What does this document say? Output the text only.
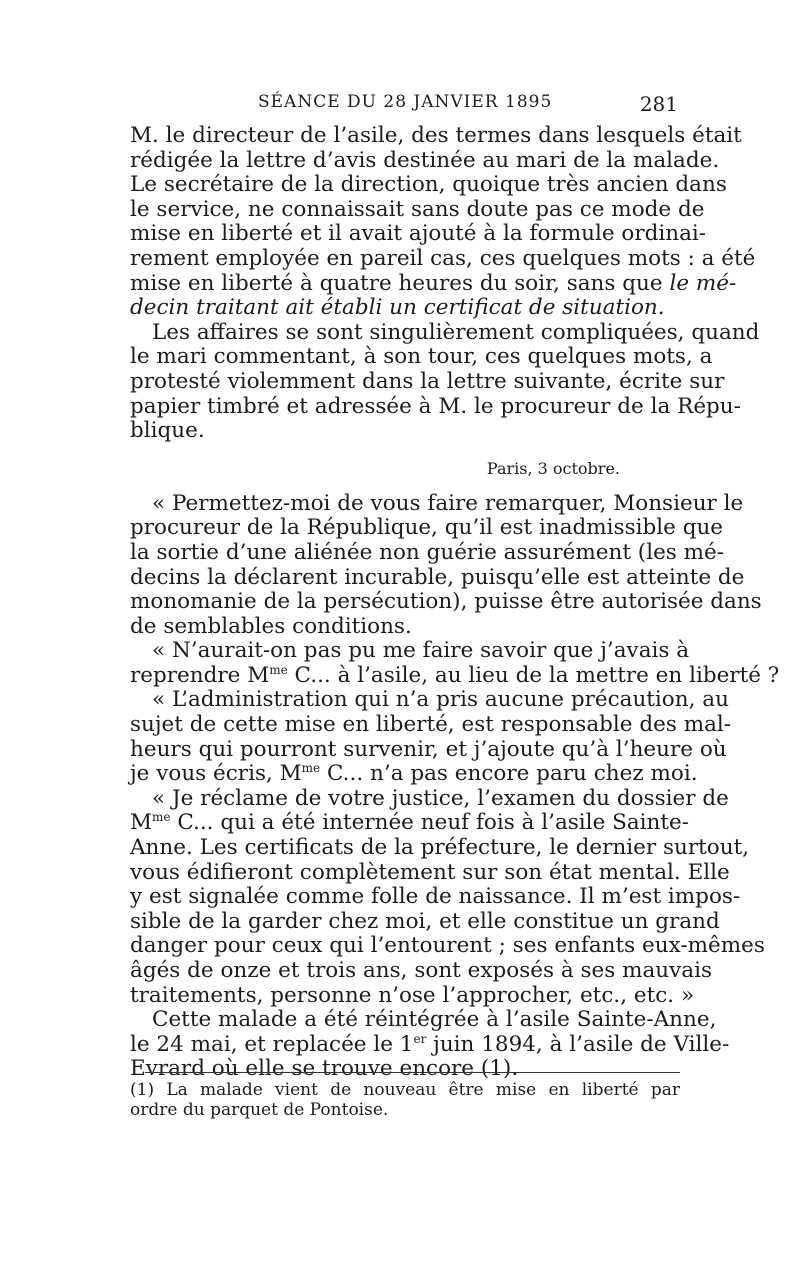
SÉANCE DU 28 JANVIER 1895	281
M. le directeur de l’asile, des termes dans lesquels était
rédigée la lettre d’avis destinée au mari de la malade.
Le secrétaire de la direction, quoique très ancien dans
le service, ne connaissait sans doute pas ce mode de
mise en liberté et il avait ajouté à la formule ordinai-
rement employée en pareil cas, ces quelques mots : a été
mise en liberté à quatre heures du soir, sans que le mé-
decin traitant ait établi un certificat de situation.
Les affaires se sont singulièrement compliquées, quand
le mari commentant, à son tour, ces quelques mots, a
protesté violemment dans la lettre suivante, écrite sur
papier timbré et adressée à M. le procureur de la Répu-
blique.
Paris, 3 octobre.
« Permettez-moi de vous faire remarquer, Monsieur le
procureur de la République, qu’il est inadmissible que
la sortie d’une aliénée non guérie assurément (les mé-
decins la déclarent incurable, puisqu’elle est atteinte de
monomanie de la persécution), puisse être autorisée dans
de semblables conditions.
« N’aurait-on pas pu me faire savoir que j’avais à
reprendre $M^{me}$ C... à l’asile, au lieu de la mettre en liberté ?
« L’administration qui n’a pris aucune précaution, au
sujet de cette mise en liberté, est responsable des mal-
heurs qui pourront survenir, et j’ajoute qu’à l’heure où
je vous écris, $M^{me}$ C... n’a pas encore paru chez moi.
« Je réclame de votre justice, l’examen du dossier de
$M^{me}$ C... qui a été internée neuf fois à l’asile Sainte-
Anne. Les certificats de la préfecture, le dernier surtout,
vous édifieront complètement sur son état mental. Elle
y est signalée comme folle de naissance. Il m’est impos-
sible de la garder chez moi, et elle constitue un grand
danger pour ceux qui l’entourent ; ses enfants eux-mêmes
âgés de onze et trois ans, sont exposés à ses mauvais
traitements, personne n’ose l’approcher, etc., etc. »
Cette malade a été réintégrée à l’asile Sainte-Anne,
le 24 mai, et replacée le 1er juin 1894, à l’asile de Ville-
Evrard où elle se trouve encore (1).
(1) La malade vient de nouveau être mise en liberté par
ordre du parquet de Pontoise.
